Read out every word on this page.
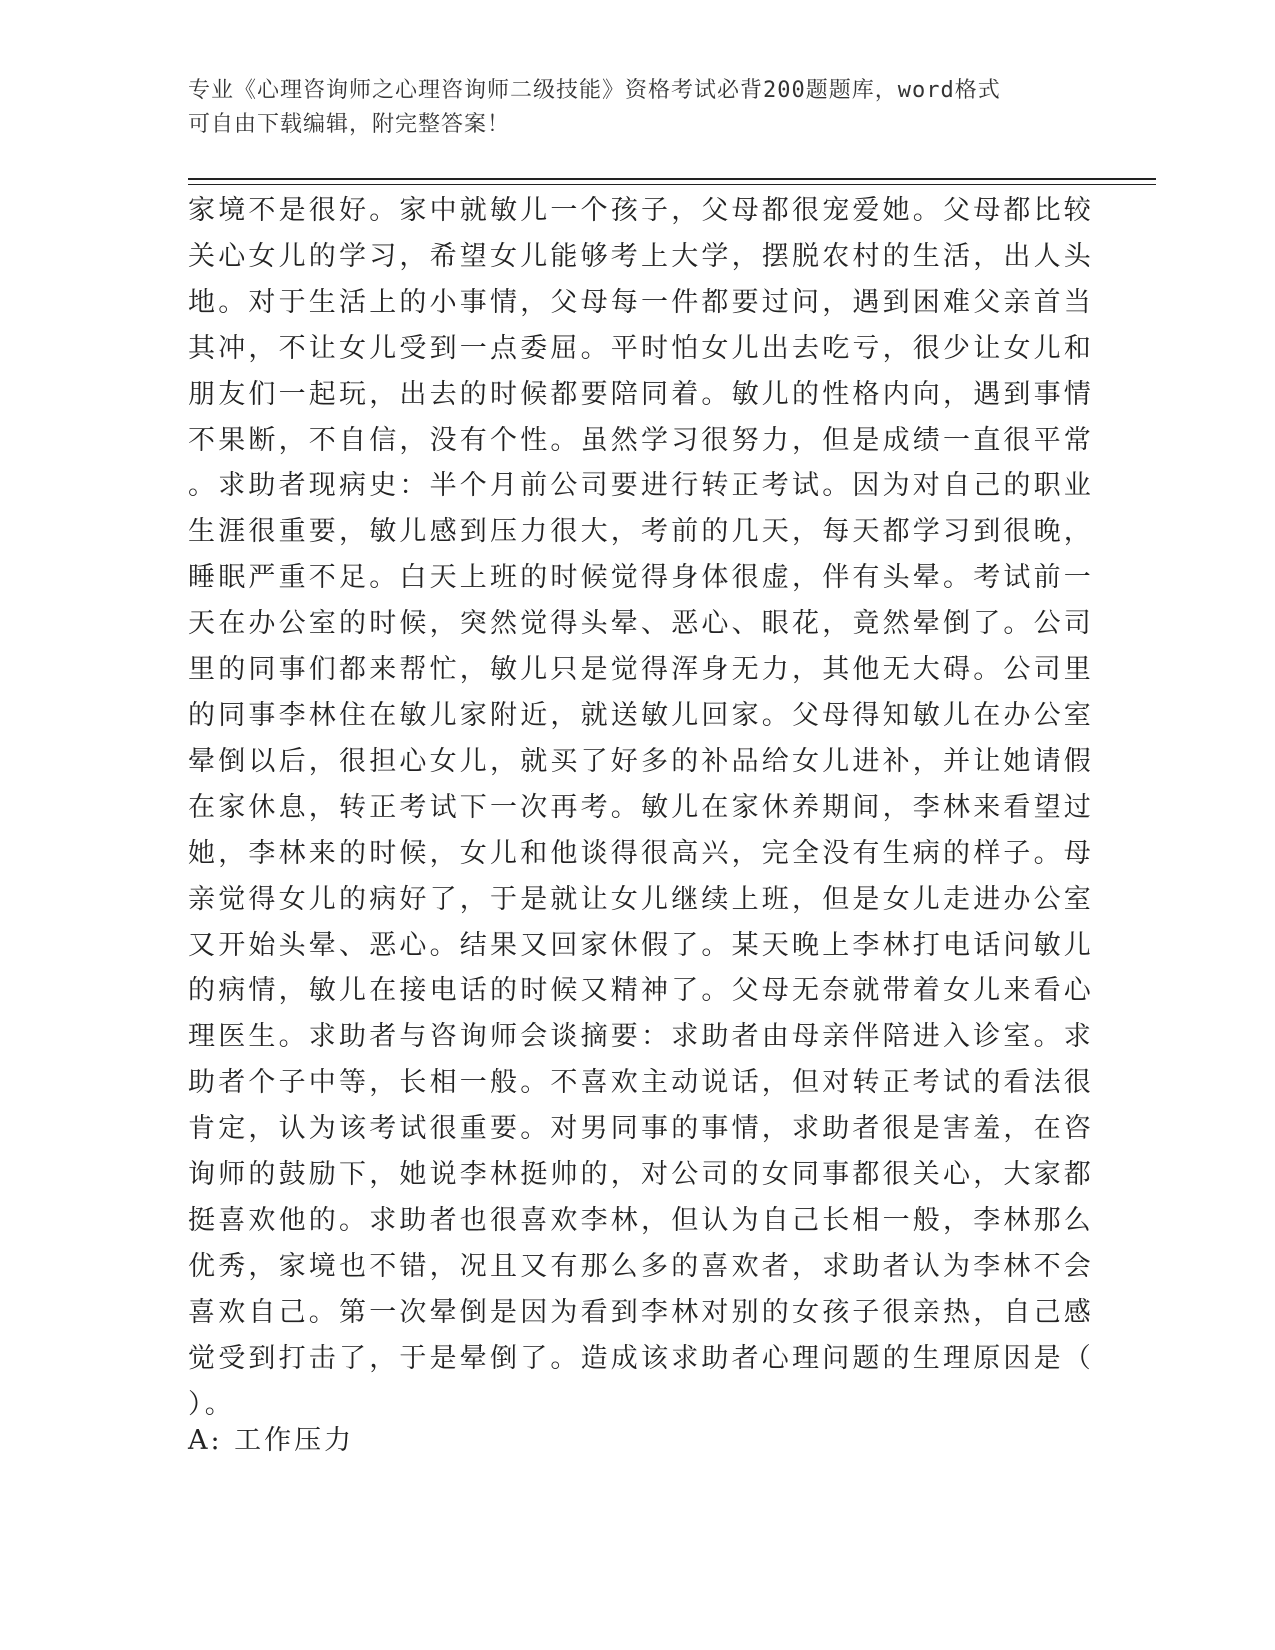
专业《心理咨询师之心理咨询师二级技能》资格考试必背200题题库，word格式
可自由下载编辑，附完整答案！
家境不是很好。家中就敏儿一个孩子，父母都很宠爱她。父母都比较
关心女儿的学习，希望女儿能够考上大学，摆脱农村的生活，出人头
地。对于生活上的小事情，父母每一件都要过问，遇到困难父亲首当
其冲，不让女儿受到一点委屈。平时怕女儿出去吃亏，很少让女儿和
朋友们一起玩，出去的时候都要陪同着。敏儿的性格内向，遇到事情
不果断，不自信，没有个性。虽然学习很努力，但是成绩一直很平常
。求助者现病史：半个月前公司要进行转正考试。因为对自己的职业
生涯很重要，敏儿感到压力很大，考前的几天，每天都学习到很晚，
睡眠严重不足。白天上班的时候觉得身体很虚，伴有头晕。考试前一
天在办公室的时候，突然觉得头晕、恶心、眼花，竟然晕倒了。公司
里的同事们都来帮忙，敏儿只是觉得浑身无力，其他无大碍。公司里
的同事李林住在敏儿家附近，就送敏儿回家。父母得知敏儿在办公室
晕倒以后，很担心女儿，就买了好多的补品给女儿进补，并让她请假
在家休息，转正考试下一次再考。敏儿在家休养期间，李林来看望过
她，李林来的时候，女儿和他谈得很高兴，完全没有生病的样子。母
亲觉得女儿的病好了，于是就让女儿继续上班，但是女儿走进办公室
又开始头晕、恶心。结果又回家休假了。某天晚上李林打电话问敏儿
的病情，敏儿在接电话的时候又精神了。父母无奈就带着女儿来看心
理医生。求助者与咨询师会谈摘要：求助者由母亲伴陪进入诊室。求
助者个子中等，长相一般。不喜欢主动说话，但对转正考试的看法很
肯定，认为该考试很重要。对男同事的事情，求助者很是害羞，在咨
询师的鼓励下，她说李林挺帅的，对公司的女同事都很关心，大家都
挺喜欢他的。求助者也很喜欢李林，但认为自己长相一般，李林那么
优秀，家境也不错，况且又有那么多的喜欢者，求助者认为李林不会
喜欢自己。第一次晕倒是因为看到李林对别的女孩子很亲热，自己感
觉受到打击了，于是晕倒了。造成该求助者心理问题的生理原因是（
）。
A: 工作压力
